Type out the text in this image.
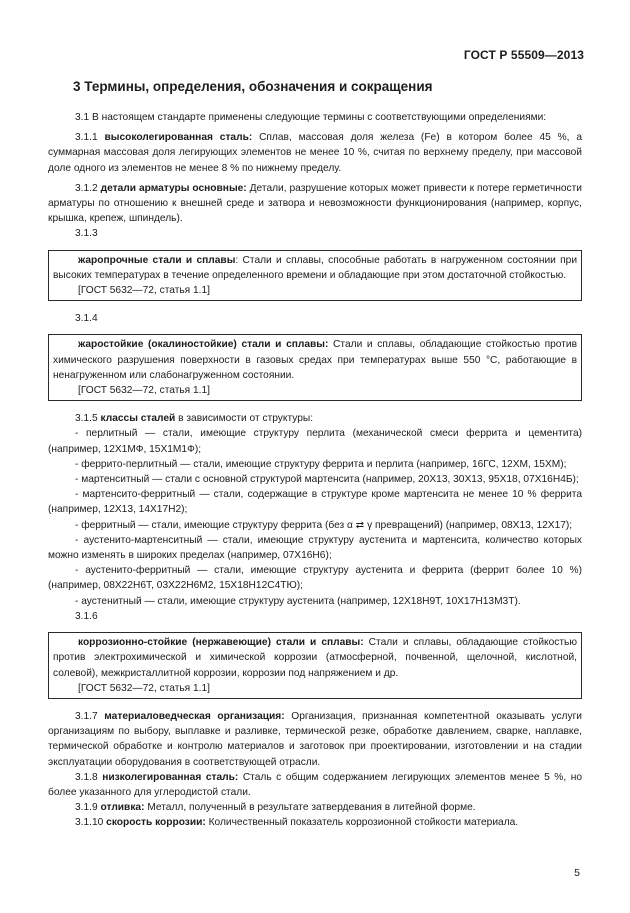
ГОСТ Р 55509—2013
3 Термины, определения, обозначения и сокращения

3.1 В настоящем стандарте применены следующие термины с соответствующими определениями:

3.1.1 высоколегированная сталь: Сплав, массовая доля железа (Fe) в котором более 45 %, а суммарная массовая доля легирующих элементов не менее 10 %, считая по верхнему пределу, при массовой доле одного из элементов не менее 8 % по нижнему пределу.

3.1.2 детали арматуры основные: Детали, разрушение которых может привести к потере герметичности арматуры по отношению к внешней среде и затвора и невозможности функционирования (например, корпус, крышка, крепеж, шпиндель).

3.1.3

жаропрочные стали и сплавы: Стали и сплавы, способные работать в нагруженном состоянии при высоких температурах в течение определенного времени и обладающие при этом достаточной стойкостью.

[ГОСТ 5632—72, статья 1.1]

3.1.4

жаростойкие (окалиностойкие) стали и сплавы: Стали и сплавы, обладающие стойкостью против химического разрушения поверхности в газовых средах при температурах выше 550 °С, работающие в ненагруженном или слабонагруженном состоянии.

[ГОСТ 5632—72, статья 1.1]

3.1.5 классы сталей в зависимости от структуры:

- перлитный — стали, имеющие структуру перлита (механической смеси феррита и цементита) (например, 12Х1МФ, 15Х1М1Ф);

- феррито-перлитный — стали, имеющие структуру феррита и перлита (например, 16ГС, 12ХМ, 15ХМ);

- мартенситный — стали с основной структурой мартенсита (например, 20Х13, 30Х13, 95Х18, 07Х16Н4Б);

- мартенсито-ферритный — стали, содержащие в структуре кроме мартенсита не менее 10 % феррита (например, 12Х13, 14Х17Н2);

- ферритный — стали, имеющие структуру феррита (без α ⇄ γ превращений) (например, 08Х13, 12Х17);

- аустенито-мартенситный — стали, имеющие структуру аустенита и мартенсита, количество которых можно изменять в широких пределах (например, 07Х16Н6);

- аустенито-ферритный — стали, имеющие структуру аустенита и феррита (феррит более 10 %) (например, 08Х22Н6Т, 03Х22Н6М2, 15Х18Н12С4ТЮ);

- аустенитный — стали, имеющие структуру аустенита (например, 12Х18Н9Т, 10Х17Н13М3Т).

3.1.6

коррозионно-стойкие (нержавеющие) стали и сплавы: Стали и сплавы, обладающие стойкостью против электрохимической и химической коррозии (атмосферной, почвенной, щелочной, кислотной, солевой), межкристаллитной коррозии, коррозии под напряжением и др.

[ГОСТ 5632—72, статья 1.1]

3.1.7 материаловедческая организация: Организация, признанная компетентной оказывать услуги организациям по выбору, выплавке и разливке, термической резке, обработке давлением, сварке, наплавке, термической обработке и контролю материалов и заготовок при проектировании, изготовлении и на стадии эксплуатации оборудования в соответствующей отрасли.

3.1.8 низколегированная сталь: Сталь с общим содержанием легирующих элементов менее 5 %, но более указанного для углеродистой стали.

3.1.9 отливка: Металл, полученный в результате затвердевания в литейной форме.

3.1.10 скорость коррозии: Количественный показатель коррозионной стойкости материала.

5
